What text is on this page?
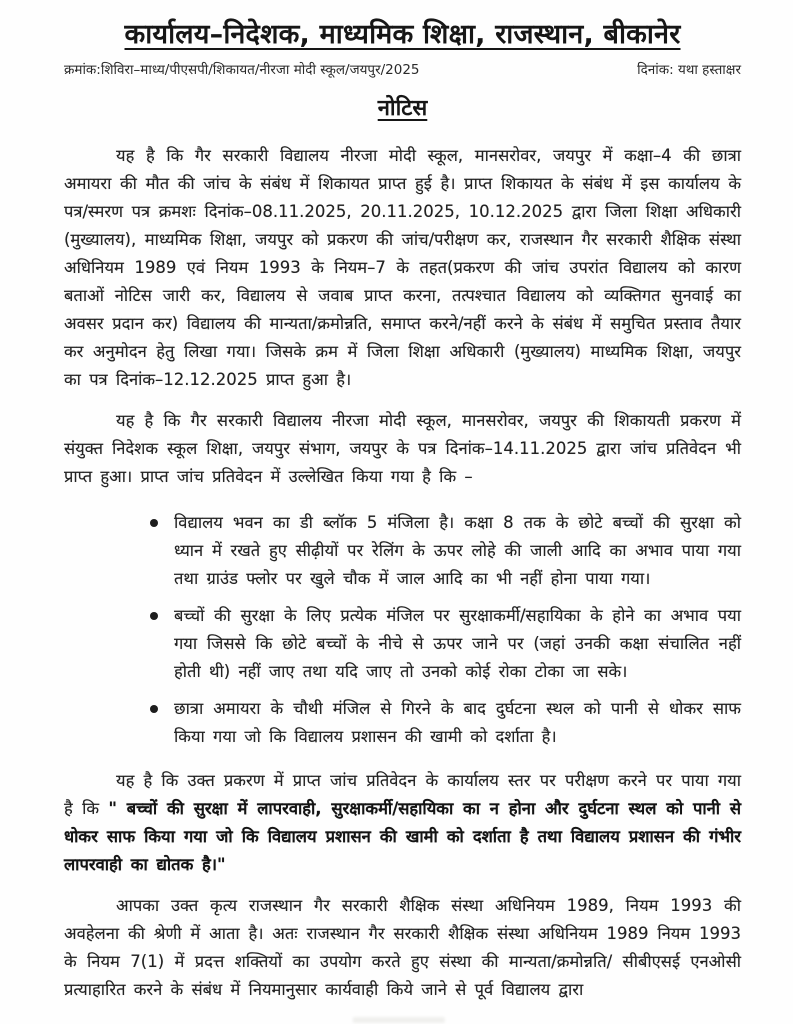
कार्यालय–निदेशक, माध्यमिक शिक्षा, राजस्थान, बीकानेर
क्रमांक:शिविरा–माध्य/पीएसपी/शिकायत/नीरजा मोदी स्कूल/जयपुर/2025	दिनांक: यथा हस्ताक्षर
नोटिस

यह है कि गैर सरकारी विद्यालय नीरजा मोदी स्कूल, मानसरोवर, जयपुर में कक्षा–4 की छात्रा अमायरा की मौत की जांच के संबंध में शिकायत प्राप्त हुई है। प्राप्त शिकायत के संबंध में इस कार्यालय के पत्र/स्मरण पत्र क्रमशः दिनांक–08.11.2025, 20.11.2025, 10.12.2025 द्वारा जिला शिक्षा अधिकारी (मुख्यालय), माध्यमिक शिक्षा, जयपुर को प्रकरण की जांच/परीक्षण कर, राजस्थान गैर सरकारी शैक्षिक संस्था अधिनियम 1989 एवं नियम 1993 के नियम–7 के तहत(प्रकरण की जांच उपरांत विद्यालय को कारण बताओं नोटिस जारी कर, विद्यालय से जवाब प्राप्त करना, तत्पश्चात विद्यालय को व्यक्तिगत सुनवाई का अवसर प्रदान कर) विद्यालय की मान्यता/क्रमोन्नति, समाप्त करने/नहीं करने के संबंध में समुचित प्रस्ताव तैयार कर अनुमोदन हेतु लिखा गया। जिसके क्रम में जिला शिक्षा अधिकारी (मुख्यालय) माध्यमिक शिक्षा, जयपुर का पत्र दिनांक–12.12.2025 प्राप्त हुआ है।

यह है कि गैर सरकारी विद्यालय नीरजा मोदी स्कूल, मानसरोवर, जयपुर की शिकायती प्रकरण में संयुक्त निदेशक स्कूल शिक्षा, जयपुर संभाग, जयपुर के पत्र दिनांक–14.11.2025 द्वारा जांच प्रतिवेदन भी प्राप्त हुआ। प्राप्त जांच प्रतिवेदन में उल्लेखित किया गया है कि –

विद्यालय भवन का डी ब्लॉक 5 मंजिला है। कक्षा 8 तक के छोटे बच्चों की सुरक्षा को ध्यान में रखते हुए सीढ़ीयों पर रेलिंग के ऊपर लोहे की जाली आदि का अभाव पाया गया तथा ग्राउंड फ्लोर पर खुले चौक में जाल आदि का भी नहीं होना पाया गया।
बच्चों की सुरक्षा के लिए प्रत्येक मंजिल पर सुरक्षाकर्मी/सहायिका के होने का अभाव पया गया जिससे कि छोटे बच्चों के नीचे से ऊपर जाने पर (जहां उनकी कक्षा संचालित नहीं होती थी) नहीं जाए तथा यदि जाए तो उनको कोई रोका टोका जा सके।
छात्रा अमायरा के चौथी मंजिल से गिरने के बाद दुर्घटना स्थल को पानी से धोकर साफ किया गया जो कि विद्यालय प्रशासन की खामी को दर्शाता है।

यह है कि उक्त प्रकरण में प्राप्त जांच प्रतिवेदन के कार्यालय स्तर पर परीक्षण करने पर पाया गया है कि " बच्चों की सुरक्षा में लापरवाही, सुरक्षाकर्मी/सहायिका का न होना और दुर्घटना स्थल को पानी से धोकर साफ किया गया जो कि विद्यालय प्रशासन की खामी को दर्शाता है तथा विद्यालय प्रशासन की गंभीर लापरवाही का द्योतक है।"

आपका उक्त कृत्य राजस्थान गैर सरकारी शैक्षिक संस्था अधिनियम 1989, नियम 1993 की अवहेलना की श्रेणी में आता है। अतः राजस्थान गैर सरकारी शैक्षिक संस्था अधिनियम 1989 नियम 1993 के नियम 7(1) में प्रदत्त शक्तियों का उपयोग करते हुए संस्था की मान्यता/क्रमोन्नति/ सीबीएसई एनओसी प्रत्याहारित करने के संबंध में नियमानुसार कार्यवाही किये जाने से पूर्व विद्यालय द्वारा
